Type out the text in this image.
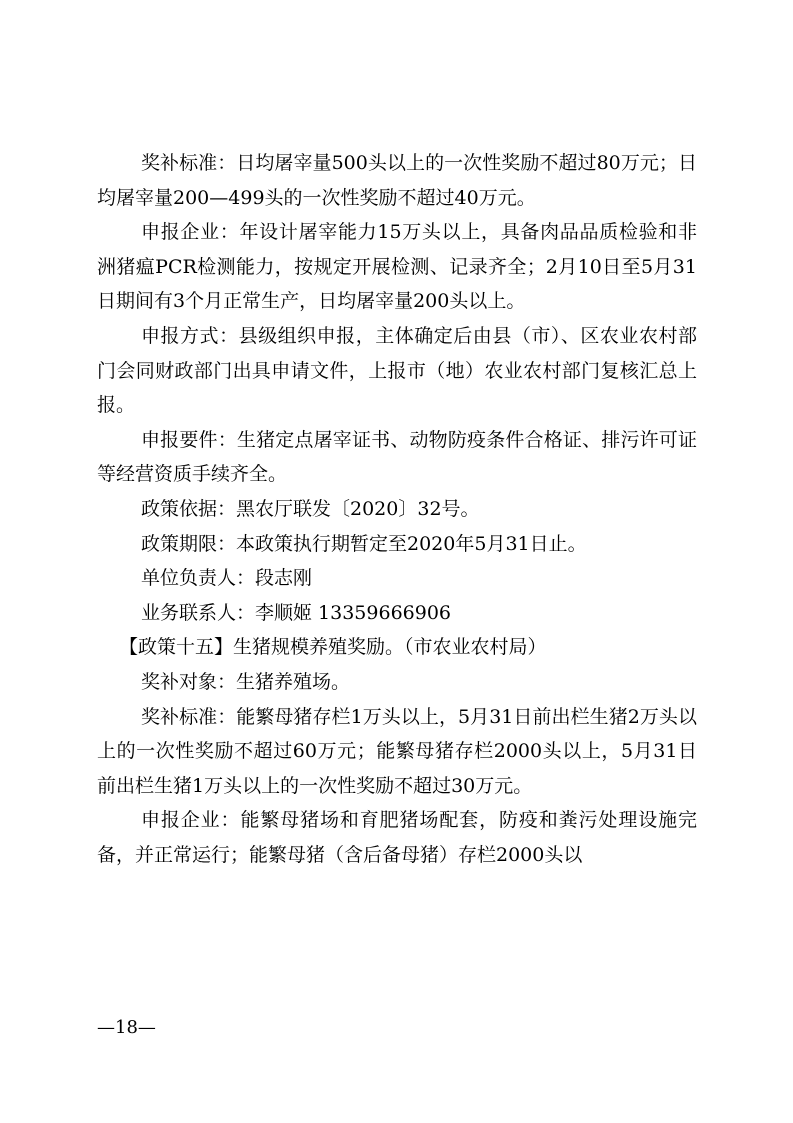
奖补标准：日均屠宰量500头以上的一次性奖励不超过80万元；日均屠宰量200—499头的一次性奖励不超过40万元。

申报企业：年设计屠宰能力15万头以上，具备肉品品质检验和非洲猪瘟PCR检测能力，按规定开展检测、记录齐全；2月10日至5月31日期间有3个月正常生产，日均屠宰量200头以上。

申报方式：县级组织申报，主体确定后由县（市）、区农业农村部门会同财政部门出具申请文件，上报市（地）农业农村部门复核汇总上报。

申报要件：生猪定点屠宰证书、动物防疫条件合格证、排污许可证等经营资质手续齐全。

政策依据：黑农厅联发〔2020〕32号。

政策期限：本政策执行期暂定至2020年5月31日止。

单位负责人：段志刚

业务联系人：李顺姬 13359666906

【政策十五】生猪规模养殖奖励。（市农业农村局）

奖补对象：生猪养殖场。

奖补标准：能繁母猪存栏1万头以上，5月31日前出栏生猪2万头以上的一次性奖励不超过60万元；能繁母猪存栏2000头以上，5月31日前出栏生猪1万头以上的一次性奖励不超过30万元。

申报企业：能繁母猪场和育肥猪场配套，防疫和粪污处理设施完备，并正常运行；能繁母猪（含后备母猪）存栏2000头以

—18—
